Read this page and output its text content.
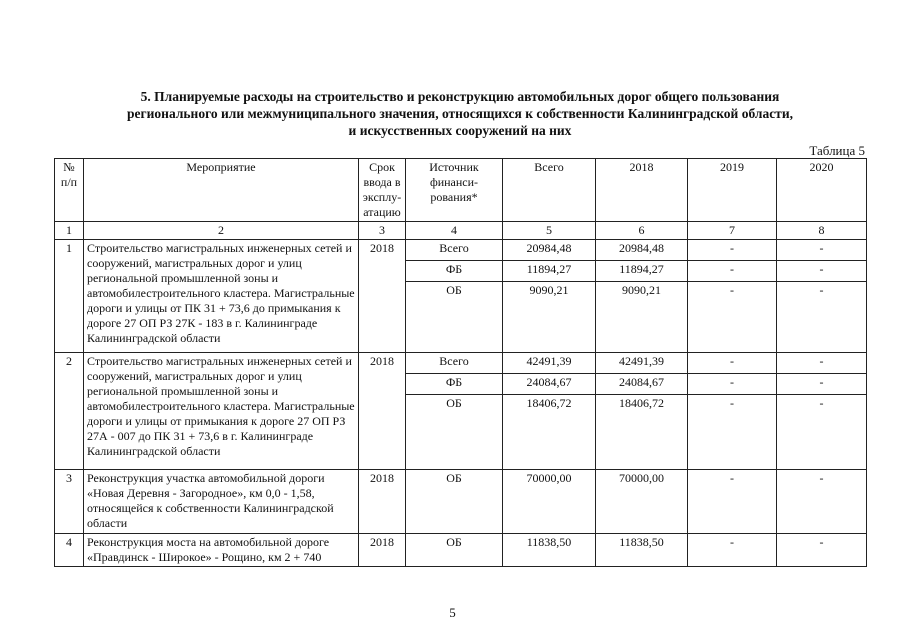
5. Планируемые расходы на строительство и реконструкцию автомобильных дорог общего пользования
регионального или межмуниципального значения, относящихся к собственности Калининградской области,
и искусственных сооружений на них
Таблица 5
№ п/п	Мероприятие	Срок ввода в эксплу-атацию	Источник финанси-рования*	Всего	2018	2019	2020
1	2	3	4	5	6	7	8
1	Строительство магистральных инженерных сетей и сооружений, магистральных дорог и улиц региональной промышленной зоны и автомобилестроительного кластера. Магистральные дороги и улицы от ПК 31 + 73,6 до примыкания к дороге 27 ОП РЗ 27К - 183 в г. Калининграде Калининградской области	2018	Всего	20984,48	20984,48	-	-
			ФБ	11894,27	11894,27	-	-
			ОБ	9090,21	9090,21	-	-
2	Строительство магистральных инженерных сетей и сооружений, магистральных дорог и улиц региональной промышленной зоны и автомобилестроительного кластера. Магистральные дороги и улицы от примыкания к дороге 27 ОП РЗ 27А - 007 до ПК 31 + 73,6 в г. Калининграде Калининградской области	2018	Всего	42491,39	42491,39	-	-
			ФБ	24084,67	24084,67	-	-
			ОБ	18406,72	18406,72	-	-
3	Реконструкция участка автомобильной дороги «Новая Деревня - Загородное», км 0,0 - 1,58, относящейся к собственности Калининградской области	2018	ОБ	70000,00	70000,00	-	-
4	Реконструкция моста на автомобильной дороге «Правдинск - Широкое» - Рощино, км 2 + 740	2018	ОБ	11838,50	11838,50	-	-
5
